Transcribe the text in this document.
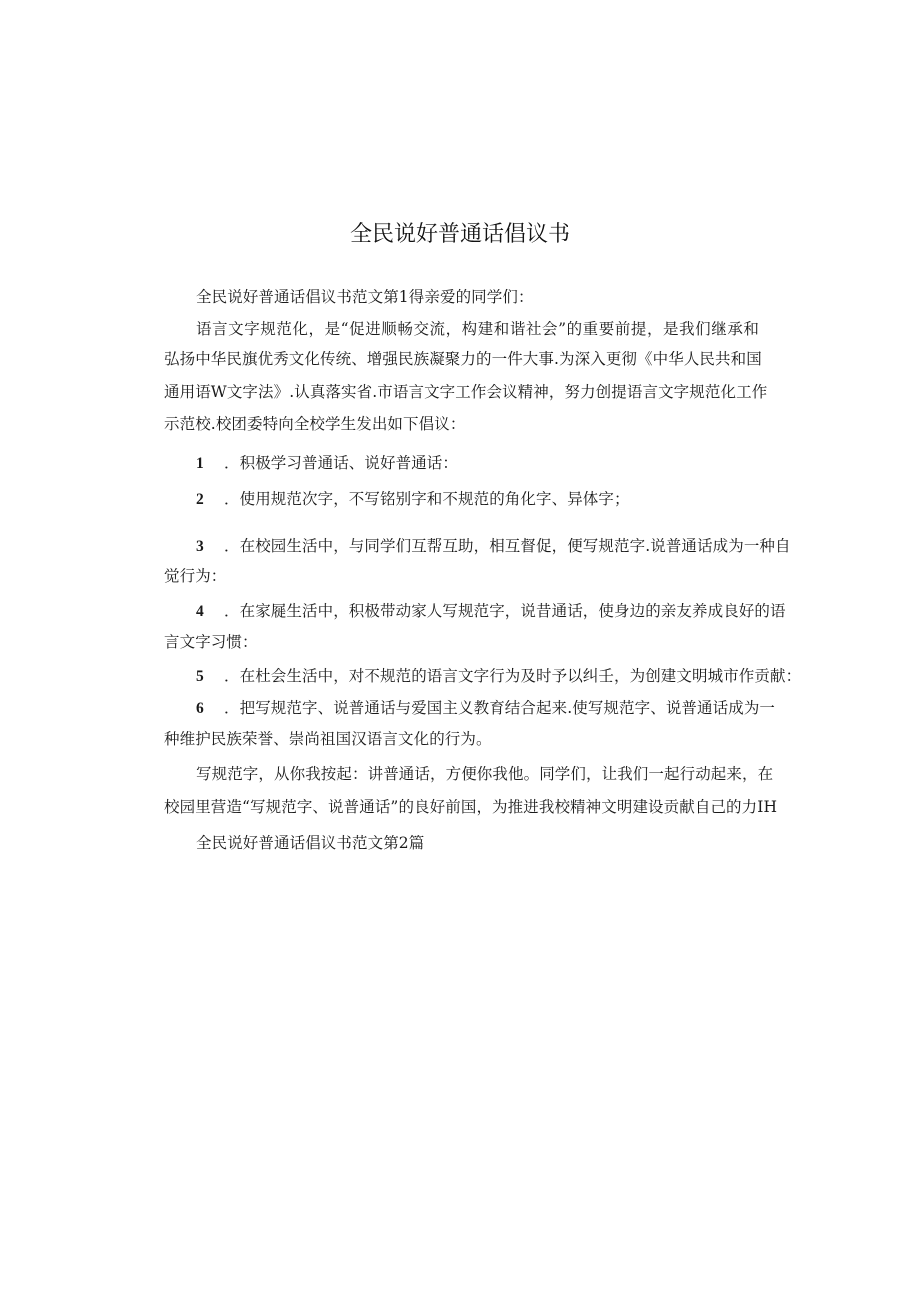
全民说好普通话倡议书
全民说好普通话倡议书范文第1得亲爱的同学们：
语言文字规范化，是“促进顺畅交流，构建和谐社会”的重要前提，是我们继承和
弘扬中华民旗优秀文化传统、增强民族凝聚力的一件大事.为深入更彻《中华人民共和国
通用语W文字法》.认真落实省.市语言文字工作会议精神，努力创提语言文字规范化工作
示范校.校团委特向全校学生发出如下倡议：
1 ．积极学习普通话、说好普通话：
2 ．使用规范次字，不写铭别字和不规范的角化字、异体字；
3 ．在校园生活中，与同学们互帮互助，相互督促，便写规范字.说普通话成为一种自
觉行为：
4 ．在家屣生活中，积极带动家人写规范字，说昔通话，使身边的亲友养成良好的语
言文字习惯：
5 ．在杜会生活中，对不规范的语言文字行为及时予以纠壬，为创建文明城市作贡献：
6 ．把写规范字、说普通话与爱国主义教育结合起来.使写规范字、说普通话成为一
种维护民族荣誉、崇尚祖国汉语言文化的行为。
写规范字，从你我按起：讲普通话，方便你我他。同学们，让我们一起行动起来，在
校园里营造“写规范字、说普通话”的良好前国，为推进我校精神文明建设贡献自己的力IH
全民说好普通话倡议书范文第2篇
